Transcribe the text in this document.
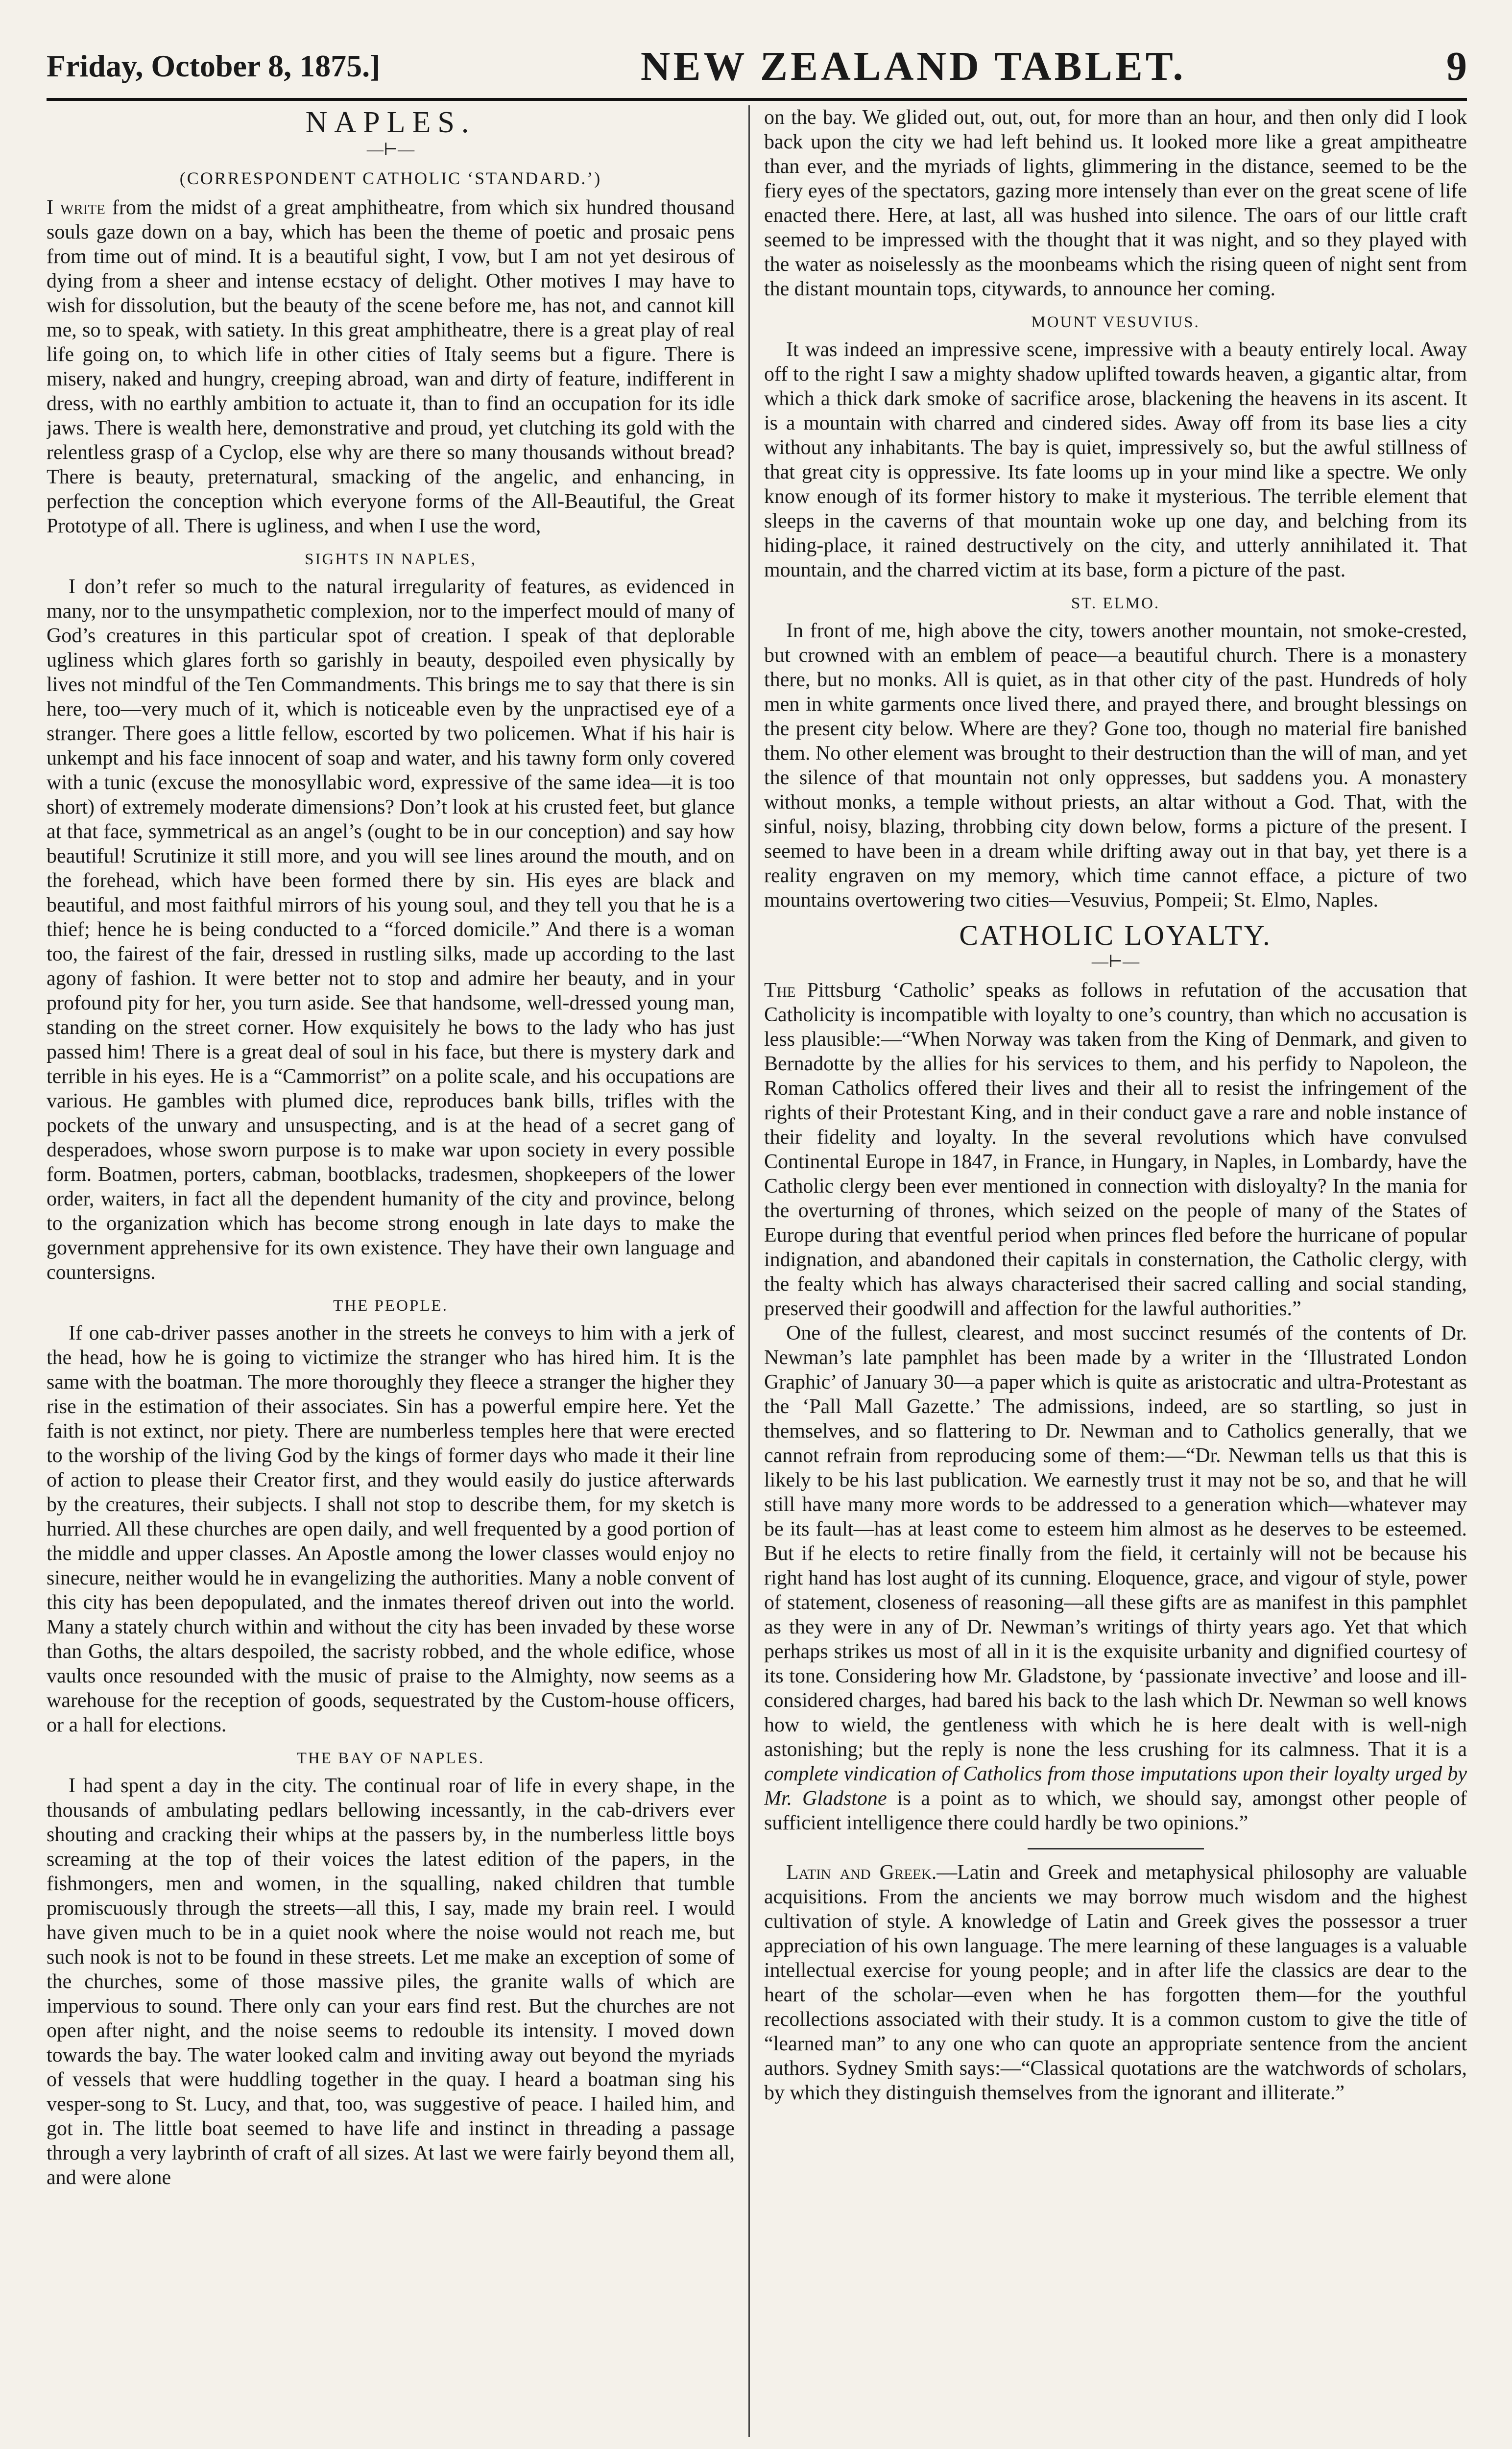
Friday, October 8, 1875.]	NEW ZEALAND TABLET.	9
NAPLES.
—⊢—
(CORRESPONDENT CATHOLIC ‘STANDARD.’)

I write from the midst of a great amphitheatre, from which six hundred thousand souls gaze down on a bay, which has been the theme of poetic and prosaic pens from time out of mind. It is a beautiful sight, I vow, but I am not yet desirous of dying from a sheer and intense ecstacy of delight. Other motives I may have to wish for dissolution, but the beauty of the scene before me, has not, and cannot kill me, so to speak, with satiety. In this great amphitheatre, there is a great play of real life going on, to which life in other cities of Italy seems but a figure. There is misery, naked and hungry, creeping abroad, wan and dirty of feature, indifferent in dress, with no earthly ambition to actuate it, than to find an occupation for its idle jaws. There is wealth here, demonstrative and proud, yet clutching its gold with the relentless grasp of a Cyclop, else why are there so many thousands without bread? There is beauty, preternatural, smacking of the angelic, and enhancing, in perfection the conception which everyone forms of the All-Beautiful, the Great Prototype of all. There is ugliness, and when I use the word,

SIGHTS IN NAPLES,

I don’t refer so much to the natural irregularity of features, as evidenced in many, nor to the unsympathetic complexion, nor to the imperfect mould of many of God’s creatures in this particular spot of creation. I speak of that deplorable ugliness which glares forth so garishly in beauty, despoiled even physically by lives not mindful of the Ten Commandments. This brings me to say that there is sin here, too—very much of it, which is noticeable even by the unpractised eye of a stranger. There goes a little fellow, escorted by two policemen. What if his hair is unkempt and his face innocent of soap and water, and his tawny form only covered with a tunic (excuse the monosyllabic word, expressive of the same idea—it is too short) of extremely moderate dimensions? Don’t look at his crusted feet, but glance at that face, symmetrical as an angel’s (ought to be in our conception) and say how beautiful! Scrutinize it still more, and you will see lines around the mouth, and on the forehead, which have been formed there by sin. His eyes are black and beautiful, and most faithful mirrors of his young soul, and they tell you that he is a thief; hence he is being conducted to a “forced domicile.” And there is a woman too, the fairest of the fair, dressed in rustling silks, made up according to the last agony of fashion. It were better not to stop and admire her beauty, and in your profound pity for her, you turn aside. See that handsome, well-dressed young man, standing on the street corner. How exquisitely he bows to the lady who has just passed him! There is a great deal of soul in his face, but there is mystery dark and terrible in his eyes. He is a “Cammorrist” on a polite scale, and his occupations are various. He gambles with plumed dice, reproduces bank bills, trifles with the pockets of the unwary and unsuspecting, and is at the head of a secret gang of desperadoes, whose sworn purpose is to make war upon society in every possible form. Boatmen, porters, cabman, bootblacks, tradesmen, shopkeepers of the lower order, waiters, in fact all the dependent humanity of the city and province, belong to the organization which has become strong enough in late days to make the government apprehensive for its own existence. They have their own language and countersigns.

THE PEOPLE.

If one cab-driver passes another in the streets he conveys to him with a jerk of the head, how he is going to victimize the stranger who has hired him. It is the same with the boatman. The more thoroughly they fleece a stranger the higher they rise in the estimation of their associates. Sin has a powerful empire here. Yet the faith is not extinct, nor piety. There are numberless temples here that were erected to the worship of the living God by the kings of former days who made it their line of action to please their Creator first, and they would easily do justice afterwards by the creatures, their subjects. I shall not stop to describe them, for my sketch is hurried. All these churches are open daily, and well frequented by a good portion of the middle and upper classes. An Apostle among the lower classes would enjoy no sinecure, neither would he in evangelizing the authorities. Many a noble convent of this city has been depopulated, and the inmates thereof driven out into the world. Many a stately church within and without the city has been invaded by these worse than Goths, the altars despoiled, the sacristy robbed, and the whole edifice, whose vaults once resounded with the music of praise to the Almighty, now seems as a warehouse for the reception of goods, sequestrated by the Custom-house officers, or a hall for elections.

THE BAY OF NAPLES.

I had spent a day in the city. The continual roar of life in every shape, in the thousands of ambulating pedlars bellowing incessantly, in the cab-drivers ever shouting and cracking their whips at the passers by, in the numberless little boys screaming at the top of their voices the latest edition of the papers, in the fishmongers, men and women, in the squalling, naked children that tumble promiscuously through the streets—all this, I say, made my brain reel. I would have given much to be in a quiet nook where the noise would not reach me, but such nook is not to be found in these streets. Let me make an exception of some of the churches, some of those massive piles, the granite walls of which are impervious to sound. There only can your ears find rest. But the churches are not open after night, and the noise seems to redouble its intensity. I moved down towards the bay. The water looked calm and inviting away out beyond the myriads of vessels that were huddling together in the quay. I heard a boatman sing his vesper-song to St. Lucy, and that, too, was suggestive of peace. I hailed him, and got in. The little boat seemed to have life and instinct in threading a passage through a very laybrinth of craft of all sizes. At last we were fairly beyond them all, and were alone

on the bay. We glided out, out, out, for more than an hour, and then only did I look back upon the city we had left behind us. It looked more like a great ampitheatre than ever, and the myriads of lights, glimmering in the distance, seemed to be the fiery eyes of the spectators, gazing more intensely than ever on the great scene of life enacted there. Here, at last, all was hushed into silence. The oars of our little craft seemed to be impressed with the thought that it was night, and so they played with the water as noiselessly as the moonbeams which the rising queen of night sent from the distant mountain tops, citywards, to announce her coming.

MOUNT VESUVIUS.

It was indeed an impressive scene, impressive with a beauty entirely local. Away off to the right I saw a mighty shadow uplifted towards heaven, a gigantic altar, from which a thick dark smoke of sacrifice arose, blackening the heavens in its ascent. It is a mountain with charred and cindered sides. Away off from its base lies a city without any inhabitants. The bay is quiet, impressively so, but the awful stillness of that great city is oppressive. Its fate looms up in your mind like a spectre. We only know enough of its former history to make it mysterious. The terrible element that sleeps in the caverns of that mountain woke up one day, and belching from its hiding-place, it rained destructively on the city, and utterly annihilated it. That mountain, and the charred victim at its base, form a picture of the past.

ST. ELMO.

In front of me, high above the city, towers another mountain, not smoke-crested, but crowned with an emblem of peace—a beautiful church. There is a monastery there, but no monks. All is quiet, as in that other city of the past. Hundreds of holy men in white garments once lived there, and prayed there, and brought blessings on the present city below. Where are they? Gone too, though no material fire banished them. No other element was brought to their destruction than the will of man, and yet the silence of that mountain not only oppresses, but saddens you. A monastery without monks, a temple without priests, an altar without a God. That, with the sinful, noisy, blazing, throbbing city down below, forms a picture of the present. I seemed to have been in a dream while drifting away out in that bay, yet there is a reality engraven on my memory, which time cannot efface, a picture of two mountains overtowering two cities—Vesuvius, Pompeii; St. Elmo, Naples.

CATHOLIC LOYALTY.
—⊢—

The Pittsburg ‘Catholic’ speaks as follows in refutation of the accusation that Catholicity is incompatible with loyalty to one’s country, than which no accusation is less plausible:—“When Norway was taken from the King of Denmark, and given to Bernadotte by the allies for his services to them, and his perfidy to Napoleon, the Roman Catholics offered their lives and their all to resist the infringement of the rights of their Protestant King, and in their conduct gave a rare and noble instance of their fidelity and loyalty. In the several revolutions which have convulsed Continental Europe in 1847, in France, in Hungary, in Naples, in Lombardy, have the Catholic clergy been ever mentioned in connection with disloyalty? In the mania for the overturning of thrones, which seized on the people of many of the States of Europe during that eventful period when princes fled before the hurricane of popular indignation, and abandoned their capitals in consternation, the Catholic clergy, with the fealty which has always characterised their sacred calling and social standing, preserved their goodwill and affection for the lawful authorities.”

One of the fullest, clearest, and most succinct resumés of the contents of Dr. Newman’s late pamphlet has been made by a writer in the ‘Illustrated London Graphic’ of January 30—a paper which is quite as aristocratic and ultra-Protestant as the ‘Pall Mall Gazette.’ The admissions, indeed, are so startling, so just in themselves, and so flattering to Dr. Newman and to Catholics generally, that we cannot refrain from reproducing some of them:—“Dr. Newman tells us that this is likely to be his last publication. We earnestly trust it may not be so, and that he will still have many more words to be addressed to a generation which—whatever may be its fault—has at least come to esteem him almost as he deserves to be esteemed. But if he elects to retire finally from the field, it certainly will not be because his right hand has lost aught of its cunning. Eloquence, grace, and vigour of style, power of statement, closeness of reasoning—all these gifts are as manifest in this pamphlet as they were in any of Dr. Newman’s writings of thirty years ago. Yet that which perhaps strikes us most of all in it is the exquisite urbanity and dignified courtesy of its tone. Considering how Mr. Gladstone, by ‘passionate invective’ and loose and ill-considered charges, had bared his back to the lash which Dr. Newman so well knows how to wield, the gentleness with which he is here dealt with is well-nigh astonishing; but the reply is none the less crushing for its calmness. That it is a complete vindication of Catholics from those imputations upon their loyalty urged by Mr. Gladstone is a point as to which, we should say, amongst other people of sufficient intelligence there could hardly be two opinions.”

Latin and Greek.—Latin and Greek and metaphysical philosophy are valuable acquisitions. From the ancients we may borrow much wisdom and the highest cultivation of style. A knowledge of Latin and Greek gives the possessor a truer appreciation of his own language. The mere learning of these languages is a valuable intellectual exercise for young people; and in after life the classics are dear to the heart of the scholar—even when he has forgotten them—for the youthful recollections associated with their study. It is a common custom to give the title of “learned man” to any one who can quote an appropriate sentence from the ancient authors. Sydney Smith says:—“Classical quotations are the watchwords of scholars, by which they distinguish themselves from the ignorant and illiterate.”
